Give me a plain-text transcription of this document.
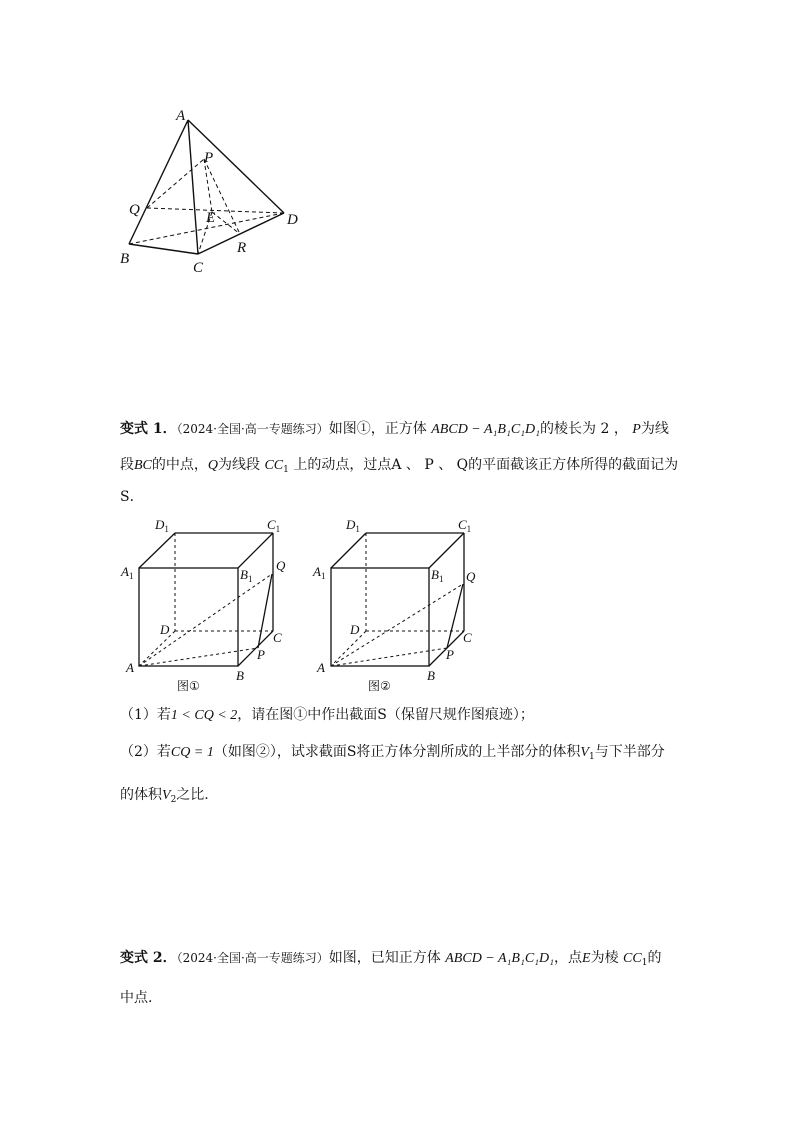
A
P
Q	E	D
R
B
C
变式 1．（2024·全国·高一专题练习）如图①，正方体 ABCD − A₁B₁C₁D₁的棱长为 2 ， P为线
段BC的中点，Q为线段 $CC_1$ 上的动点，过点A 、 P 、 Q的平面截该正方体所得的截面记为
S．
$D_1$	$C_1$
$A_1$	$B_1$
Q
D
C
A
P
B
图①
$D_1$	$C_1$
$A_1$	$B_1$ Q
D
C
A
P
B
图②
（1）若1 < CQ < 2，请在图①中作出截面S（保留尺规作图痕迹）；
（2）若CQ = 1（如图②），试求截面S将正方体分割所成的上半部分的体积$V_1$与下半部分
的体积$V_2$之比.
变式 2．（2024·全国·高一专题练习）如图，已知正方体 ABCD − A₁B₁C₁D₁，点E为棱 $CC_1$的
中点.
